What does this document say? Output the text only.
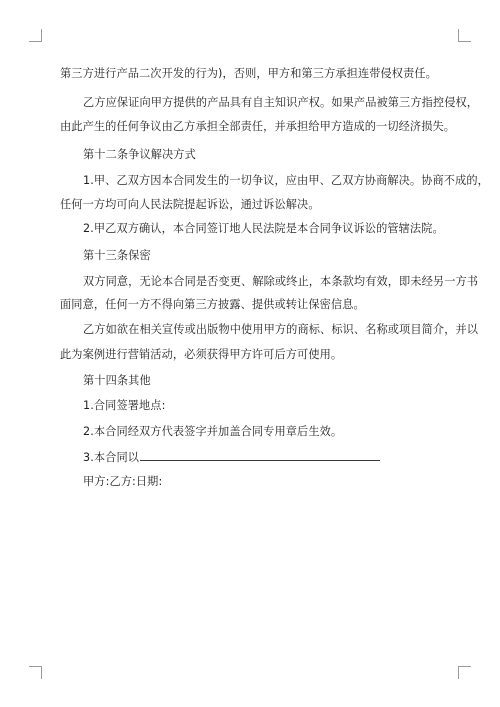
第三方进行产品二次开发的行为)，否则，甲方和第三方承担连带侵权责任。
乙方应保证向甲方提供的产品具有自主知识产权。如果产品被第三方指控侵权，
由此产生的任何争议由乙方承担全部责任，并承担给甲方造成的一切经济损失。
第十二条争议解决方式
1.甲、乙双方因本合同发生的一切争议，应由甲、乙双方协商解决。协商不成的，
任何一方均可向人民法院提起诉讼，通过诉讼解决。
2.甲乙双方确认，本合同签订地人民法院是本合同争议诉讼的管辖法院。
第十三条保密
双方同意，无论本合同是否变更、解除或终止，本条款均有效，即未经另一方书
面同意，任何一方不得向第三方披露、提供或转让保密信息。
乙方如欲在相关宣传或出版物中使用甲方的商标、标识、名称或项目简介，并以
此为案例进行营销活动，必须获得甲方许可后方可使用。
第十四条其他
1.合同签署地点:
2.本合同经双方代表签字并加盖合同专用章后生效。
3.本合同以
甲方:乙方:日期:
